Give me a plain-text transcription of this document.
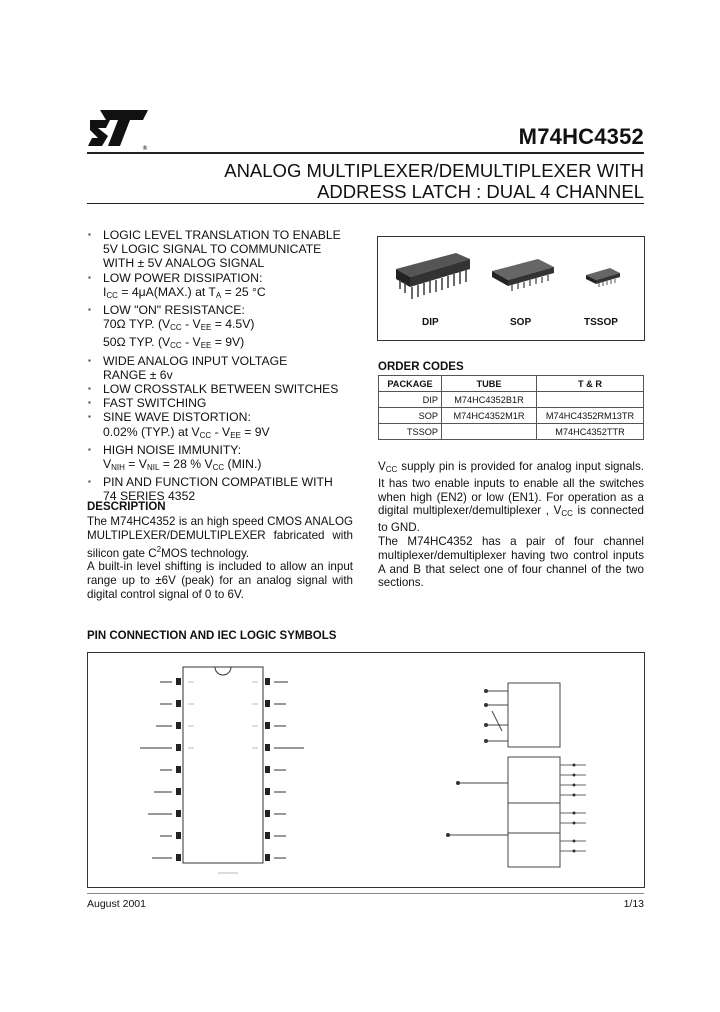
®	M74HC4352
ANALOG MULTIPLEXER/DEMULTIPLEXER WITH
ADDRESS LATCH : DUAL 4 CHANNEL
▪ LOGIC LEVEL TRANSLATION TO ENABLE
5V LOGIC SIGNAL TO COMMUNICATE
WITH ± 5V ANALOG SIGNAL
▪ LOW POWER DISSIPATION:
$I_{CC} = 4\mu A(MAX.)$ at $T_A = 25$ °C
▪ LOW "ON" RESISTANCE:
70Ω TYP. $(V_{CC} - V_{EE} = 4.5V)$
50Ω TYP. $(V_{CC} - V_{EE} = 9V)$
▪ WIDE ANALOG INPUT VOLTAGE
RANGE ± 6v
▪ LOW CROSSTALK BETWEEN SWITCHES
▪ FAST SWITCHING
▪ SINE WAVE DISTORTION:
0.02% (TYP.) at $V_{CC} - V_{EE} = 9V$
▪ HIGH NOISE IMMUNITY:
$V_{NIH} = V_{NIL} = 28$ % $V_{CC}$ (MIN.)
▪ PIN AND FUNCTION COMPATIBLE WITH
74 SERIES 4352
DESCRIPTION
The M74HC4352 is an high speed CMOS ANALOG MULTIPLEXER/DEMULTIPLEXER fabricated with silicon gate $C^2MOS$ technology.
A built-in level shifting is included to allow an input range up to ±6V (peak) for an analog signal with digital control signal of 0 to 6V.
DIP	SOP	TSSOP
ORDER CODES
PACKAGE	TUBE	T & R
DIP	M74HC4352B1R	
SOP	M74HC4352M1R	M74HC4352RM13TR
TSSOP		M74HC4352TTR
$V_{CC}$ supply pin is provided for analog input signals. It has two enable inputs to enable all the switches when high (EN2) or low (EN1). For operation as a digital multiplexer/demultiplexer , $V_{CC}$ is connected to GND.
The M74HC4352 has a pair of four channel multiplexer/demultiplexer having two control inputs A and B that select one of four channel of the two sections.
PIN CONNECTION AND IEC LOGIC SYMBOLS
August 2001	1/13
